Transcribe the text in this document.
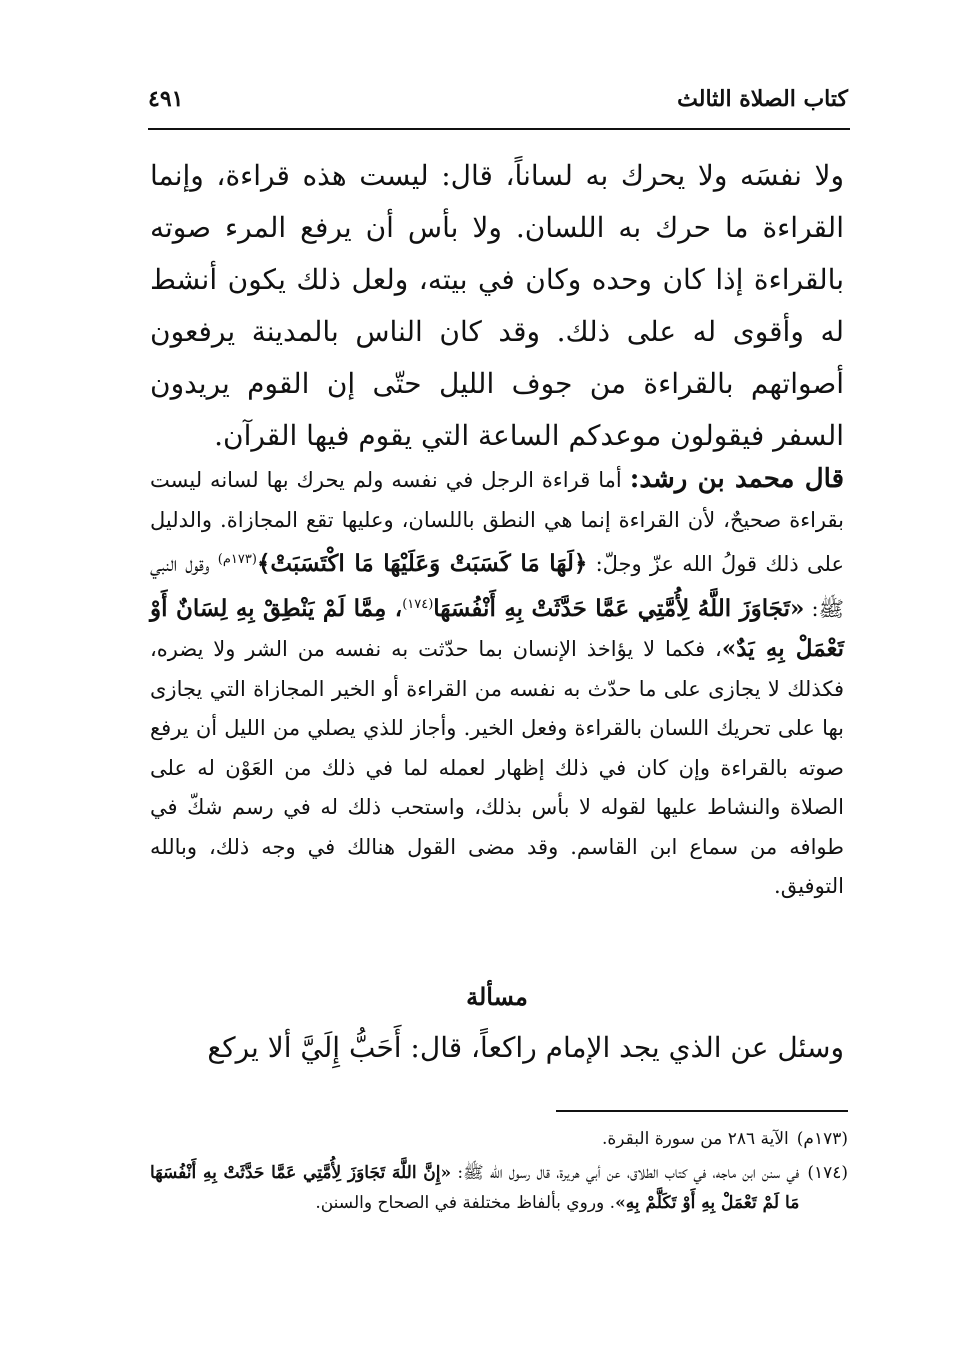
كتاب الصلاة الثالث
٤٩١

ولا نفسَه ولا يحرك به لساناً، قال: ليست هذه قراءة، وإنما القراءة ما حرك به اللسان. ولا بأس أن يرفع المرء صوته بالقراءة إذا كان وحده وكان في بيته، ولعل ذلك يكون أنشط له وأقوى له على ذلك. وقد كان الناس بالمدينة يرفعون أصواتهم بالقراءة من جوف الليل حتّى إن القوم يريدون السفر فيقولون موعدكم الساعة التي يقوم فيها القرآن.

قال محمد بن رشد: أما قراءة الرجل في نفسه ولم يحرك بها لسانه ليست بقراءة صحيحٌ، لأن القراءة إنما هي النطق باللسان، وعليها تقع المجازاة. والدليل على ذلك قولُ الله عزّ وجلّ: ﴿لَهَا مَا كَسَبَتْ وَعَلَيْهَا مَا اكْتَسَبَتْ﴾$^{(١٧٣م)}$ وقول النبي ﷺ: «تَجَاوَزَ اللَّهُ لِأُمَّتِي عَمَّا حَدَّثَتْ بِهِ أَنْفُسَهَا$^{(١٧٤)}$، مِمَّا لَمْ يَنْطِقْ بِهِ لِسَانٌ أَوْ تَعْمَلْ بِهِ يَدٌ»، فكما لا يؤاخذ الإنسان بما حدّثت به نفسه من الشر ولا يضره، فكذلك لا يجازى على ما حدّث به نفسه من القراءة أو الخير المجازاة التي يجازى بها على تحريك اللسان بالقراءة وفعل الخير. وأجاز للذي يصلي من الليل أن يرفع صوته بالقراءة وإن كان في ذلك إظهار لعمله لما في ذلك من العَوْن له على الصلاة والنشاط عليها لقوله لا بأس بذلك، واستحب ذلك له في رسم شكّ في طوافه من سماع ابن القاسم. وقد مضى القول هنالك في وجه ذلك، وبالله التوفيق.

مسألة

وسئل عن الذي يجد الإمام راكعاً، قال: أَحَبُّ إِلَيَّ ألا يركع

(١٧٣م)
الآية ٢٨٦ من سورة البقرة.
(١٧٤)
في سنن ابن ماجه، في كتاب الطلاق، عن أبي هريرة، قال رسول الله ﷺ: «إِنَّ اللَّهَ تَجَاوَزَ لِأُمَّتِي عَمَّا حَدَّثَتْ بِهِ أَنْفُسَهَا مَا لَمْ تَعْمَلْ بِهِ أَوْ تَكَلَّمْ بِهِ». وروي بألفاظ مختلفة في الصحاح والسنن.
